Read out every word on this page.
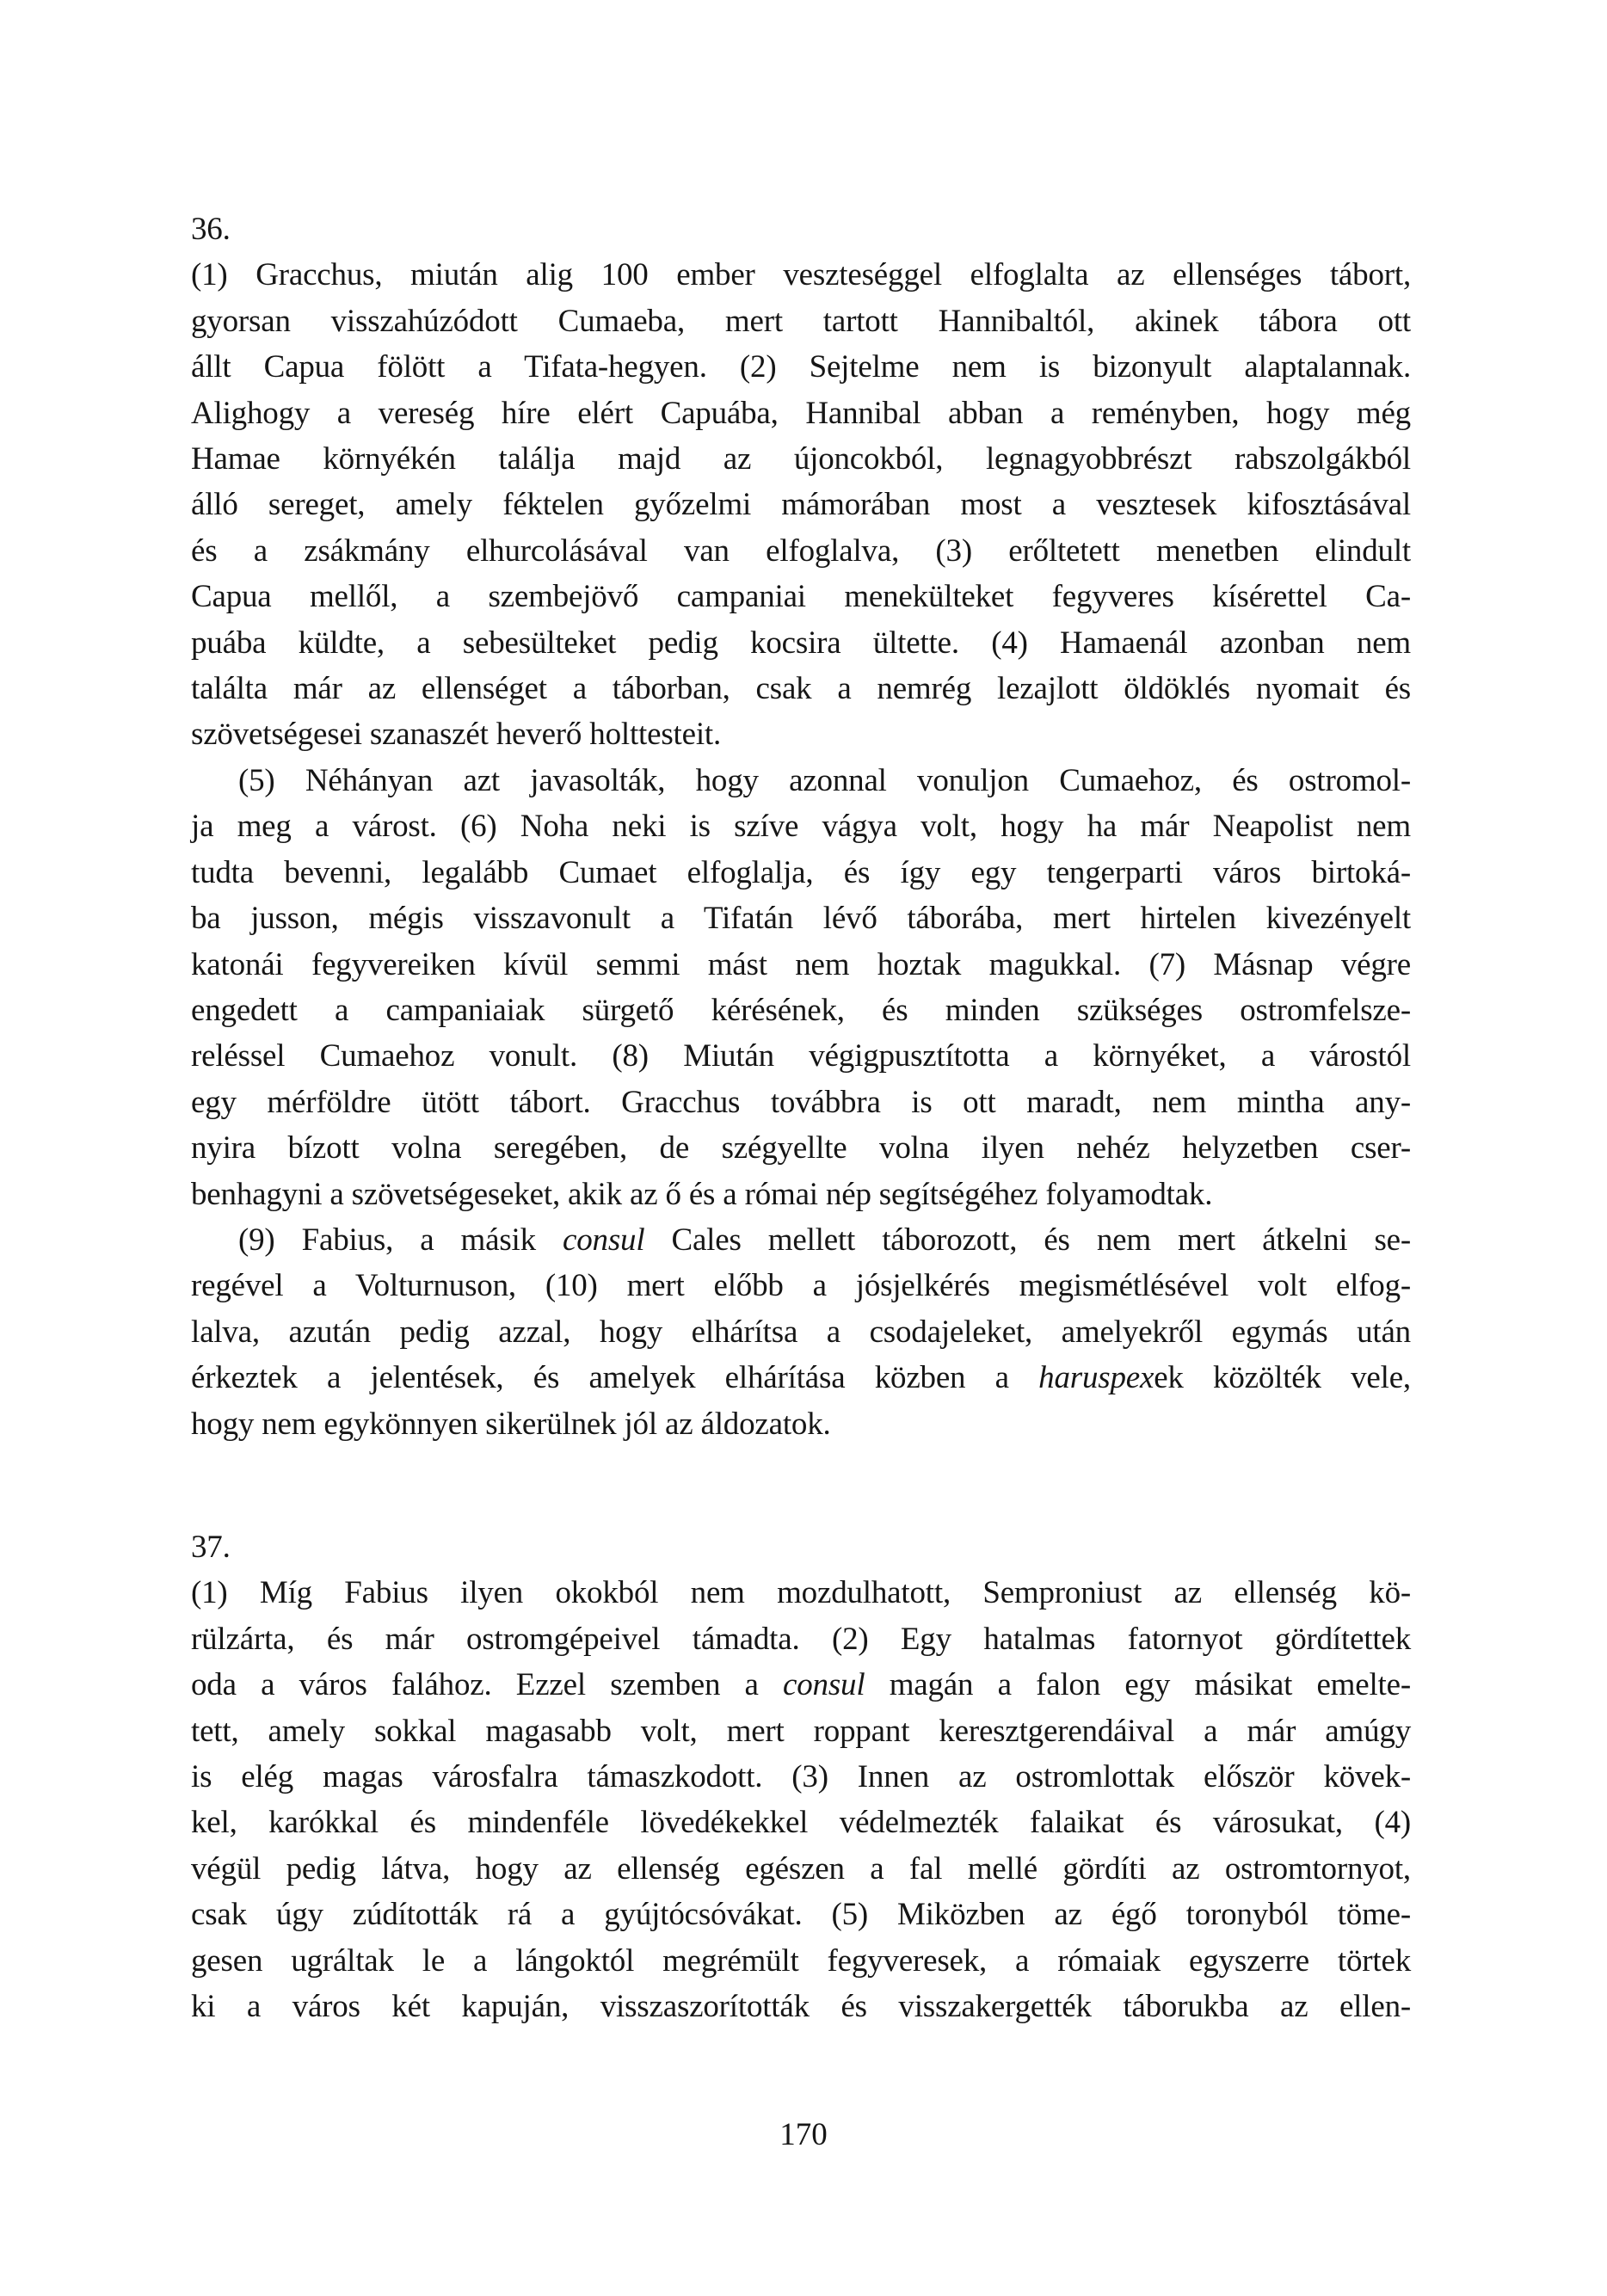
36.
(1) Gracchus, miután alig 100 ember veszteséggel elfoglalta az ellenséges tábort,
gyorsan visszahúzódott Cumaeba, mert tartott Hannibaltól, akinek tábora ott
állt Capua fölött a Tifata-hegyen. (2) Sejtelme nem is bizonyult alaptalannak.
Alighogy a vereség híre elért Capuába, Hannibal abban a reményben, hogy még
Hamae környékén találja majd az újoncokból, legnagyobbrészt rabszolgákból
álló sereget, amely féktelen győzelmi mámorában most a vesztesek kifosztásával
és a zsákmány elhurcolásával van elfoglalva, (3) erőltetett menetben elindult
Capua mellől, a szembejövő campaniai menekülteket fegyveres kísérettel Ca-
puába küldte, a sebesülteket pedig kocsira ültette. (4) Hamaenál azonban nem
találta már az ellenséget a táborban, csak a nemrég lezajlott öldöklés nyomait és
szövetségesei szanaszét heverő holttesteit.
(5) Néhányan azt javasolták, hogy azonnal vonuljon Cumaehoz, és ostromol-
ja meg a várost. (6) Noha neki is szíve vágya volt, hogy ha már Neapolist nem
tudta bevenni, legalább Cumaet elfoglalja, és így egy tengerparti város birtoká-
ba jusson, mégis visszavonult a Tifatán lévő táborába, mert hirtelen kivezényelt
katonái fegyvereiken kívül semmi mást nem hoztak magukkal. (7) Másnap végre
engedett a campaniaiak sürgető kérésének, és minden szükséges ostromfelsze-
reléssel Cumaehoz vonult. (8) Miután végigpusztította a környéket, a várostól
egy mérföldre ütött tábort. Gracchus továbbra is ott maradt, nem mintha any-
nyira bízott volna seregében, de szégyellte volna ilyen nehéz helyzetben cser-
benhagyni a szövetségeseket, akik az ő és a római nép segítségéhez folyamodtak.
(9) Fabius, a másik consul Cales mellett táborozott, és nem mert átkelni se-
regével a Volturnuson, (10) mert előbb a jósjelkérés megismétlésével volt elfog-
lalva, azután pedig azzal, hogy elhárítsa a csodajeleket, amelyekről egymás után
érkeztek a jelentések, és amelyek elhárítása közben a haruspexek közölték vele,
hogy nem egykönnyen sikerülnek jól az áldozatok.
37.
(1) Míg Fabius ilyen okokból nem mozdulhatott, Semproniust az ellenség kö-
rülzárta, és már ostromgépeivel támadta. (2) Egy hatalmas fatornyot gördítettek
oda a város falához. Ezzel szemben a consul magán a falon egy másikat emelte-
tett, amely sokkal magasabb volt, mert roppant keresztgerendáival a már amúgy
is elég magas városfalra támaszkodott. (3) Innen az ostromlottak először kövek-
kel, karókkal és mindenféle lövedékekkel védelmezték falaikat és városukat, (4)
végül pedig látva, hogy az ellenség egészen a fal mellé gördíti az ostromtornyot,
csak úgy zúdították rá a gyújtócsóvákat. (5) Miközben az égő toronyból töme-
gesen ugráltak le a lángoktól megrémült fegyveresek, a rómaiak egyszerre törtek
ki a város két kapuján, visszaszorították és visszakergették táborukba az ellen-
170
